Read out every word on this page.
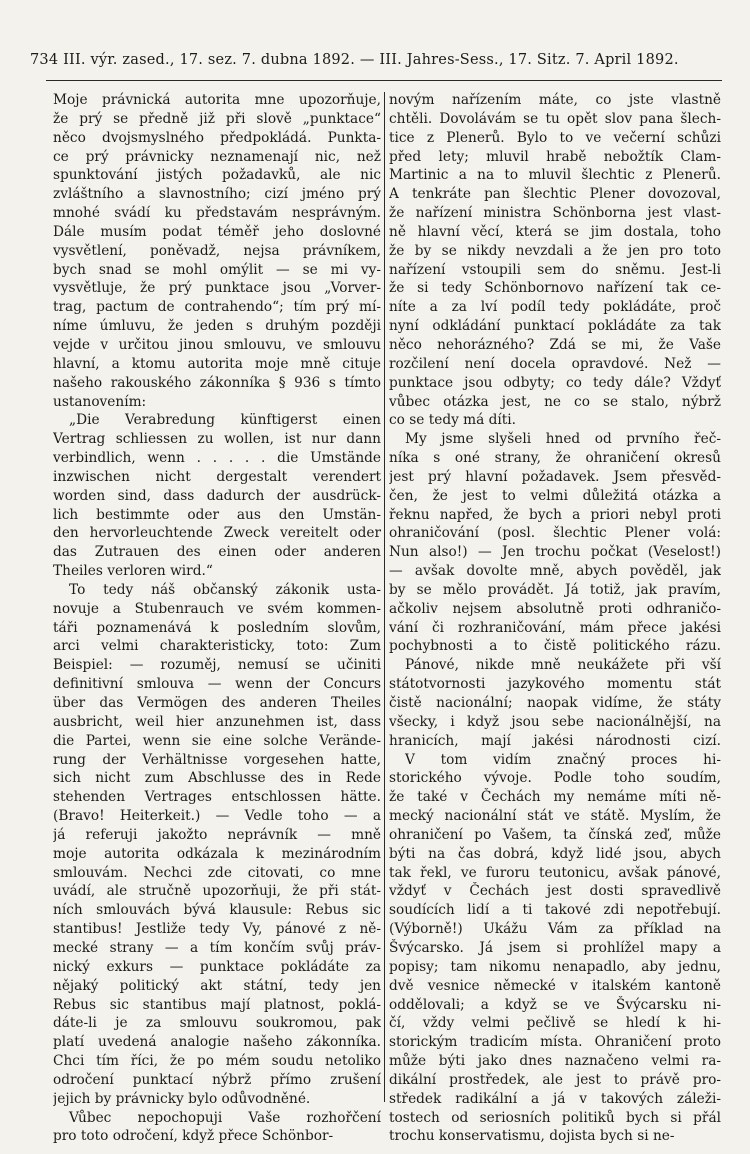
734 III. výr. zased., 17. sez. 7. dubna 1892. — III. Jahres-Sess., 17. Sitz. 7. April 1892.
Moje právnická autorita mne upozorňuje,
že prý se předně již při slově „punktace“
něco dvojsmyslného předpokládá. Punkta-
ce prý právnicky neznamenají nic, než
spunktování jistých požadavků, ale nic
zvláštního a slavnostního; cizí jméno prý
mnohé svádí ku představám nesprávným.
Dále musím podat téměř jeho doslovné
vysvětlení, poněvadž, nejsa právníkem,
bych snad se mohl omýlit — se mi vy-
vysvětluje, že prý punktace jsou „Vorver-
trag, pactum de contrahendo“; tím prý mí-
níme úmluvu, že jeden s druhým později
vejde v určitou jinou smlouvu, ve smlouvu
hlavní, a ktomu autorita moje mně cituje
našeho rakouského zákonníka § 936 s tímto
ustanovením:
„Die Verabredung künftigerst einen
Vertrag schliessen zu wollen, ist nur dann
verbindlich, wenn . . . . . die Umstände
inzwischen nicht dergestalt verendert
worden sind, dass dadurch der ausdrück-
lich bestimmte oder aus den Umstän-
den hervorleuchtende Zweck vereitelt oder
das Zutrauen des einen oder anderen
Theiles verloren wird.“
To tedy náš občanský zákonik usta-
novuje a Stubenrauch ve svém kommen-
táři poznamenává k posledním slovům,
arci velmi charakteristicky, toto: Zum
Beispiel: — rozuměj, nemusí se učiniti
definitivní smlouva — wenn der Concurs
über das Vermögen des anderen Theiles
ausbricht, weil hier anzunehmen ist, dass
die Partei, wenn sie eine solche Verände-
rung der Verhältnisse vorgesehen hatte,
sich nicht zum Abschlusse des in Rede
stehenden Vertrages entschlossen hätte.
(Bravo! Heiterkeit.) — Vedle toho — a
já referuji jakožto neprávník — mně
moje autorita odkázala k mezinárodním
smlouvám. Nechci zde citovati, co mne
uvádí, ale stručně upozorňuji, že při stát-
ních smlouvách bývá klausule: Rebus sic
stantibus! Jestliže tedy Vy, pánové z ně-
mecké strany — a tím končím svůj práv-
nický exkurs — punktace pokládáte za
nějaký politický akt státní, tedy jen
Rebus sic stantibus mají platnost, poklá-
dáte-li je za smlouvu soukromou, pak
platí uvedená analogie našeho zákonníka.
Chci tím říci, že po mém soudu netoliko
odročení punktací nýbrž přímo zrušení
jejich by právnicky bylo odůvodněné.
Vůbec nepochopuji Vaše rozhořčení
pro toto odročení, když přece Schönbor-
novým nařízením máte, co jste vlastně
chtěli. Dovolávám se tu opět slov pana šlech-
tice z Plenerů. Bylo to ve večerní schůzi
před lety; mluvil hrabě nebožtík Clam-
Martinic a na to mluvil šlechtic z Plenerů.
A tenkráte pan šlechtic Plener dovozoval,
že nařízení ministra Schönborna jest vlast-
ně hlavní věcí, která se jim dostala, toho
že by se nikdy nevzdali a že jen pro toto
nařízení vstoupili sem do sněmu. Jest-li
že si tedy Schönbornovo nařízení tak ce-
níte a za lví podíl tedy pokládáte, proč
nyní odkládání punktací pokládáte za tak
něco nehorázného? Zdá se mi, že Vaše
rozčilení není docela opravdové. Než —
punktace jsou odbyty; co tedy dále? Vždyť
vůbec otázka jest, ne co se stalo, nýbrž
co se tedy má díti.
My jsme slyšeli hned od prvního řeč-
níka s oné strany, že ohraničení okresů
jest prý hlavní požadavek. Jsem přesvěd-
čen, že jest to velmi důležitá otázka a
řeknu napřed, že bych a priori nebyl proti
ohraničování (posl. šlechtic Plener volá:
Nun also!) — Jen trochu počkat (Veselost!)
— avšak dovolte mně, abych pověděl, jak
by se mělo provádět. Já totiž, jak pravím,
ačkoliv nejsem absolutně proti odhraničo-
vání či rozhraničování, mám přece jakési
pochybnosti a to čistě politického rázu.
Pánové, nikde mně neukážete při vší
státotvornosti jazykového momentu stát
čistě nacionální; naopak vidíme, že státy
všecky, i když jsou sebe nacionálnější, na
hranicích, mají jakési národnosti cizí.
V tom vidím značný proces hi-
storického vývoje. Podle toho soudím,
že také v Čechách my nemáme míti ně-
mecký nacionální stát ve státě. Myslím, že
ohraničení po Vašem, ta čínská zeď, může
býti na čas dobrá, když lidé jsou, abych
tak řekl, ve furoru teutonicu, avšak pánové,
vždyť v Čechách jest dosti spravedlivě
soudících lidí a ti takové zdi nepotřebují.
(Výborně!) Ukážu Vám za příklad na
Švýcarsko. Já jsem si prohlížel mapy a
popisy; tam nikomu nenapadlo, aby jednu,
dvě vesnice německé v italském kantoně
oddělovali; a když se ve Švýcarsku ni-
čí, vždy velmi pečlivě se hledí k hi-
storickým tradicím místa. Ohraničení proto
může býti jako dnes naznačeno velmi ra-
dikální prostředek, ale jest to právě pro-
středek radikální a já v takových záleži-
tostech od seriosních politiků bych si přál
trochu konservatismu, dojista bych si ne-
